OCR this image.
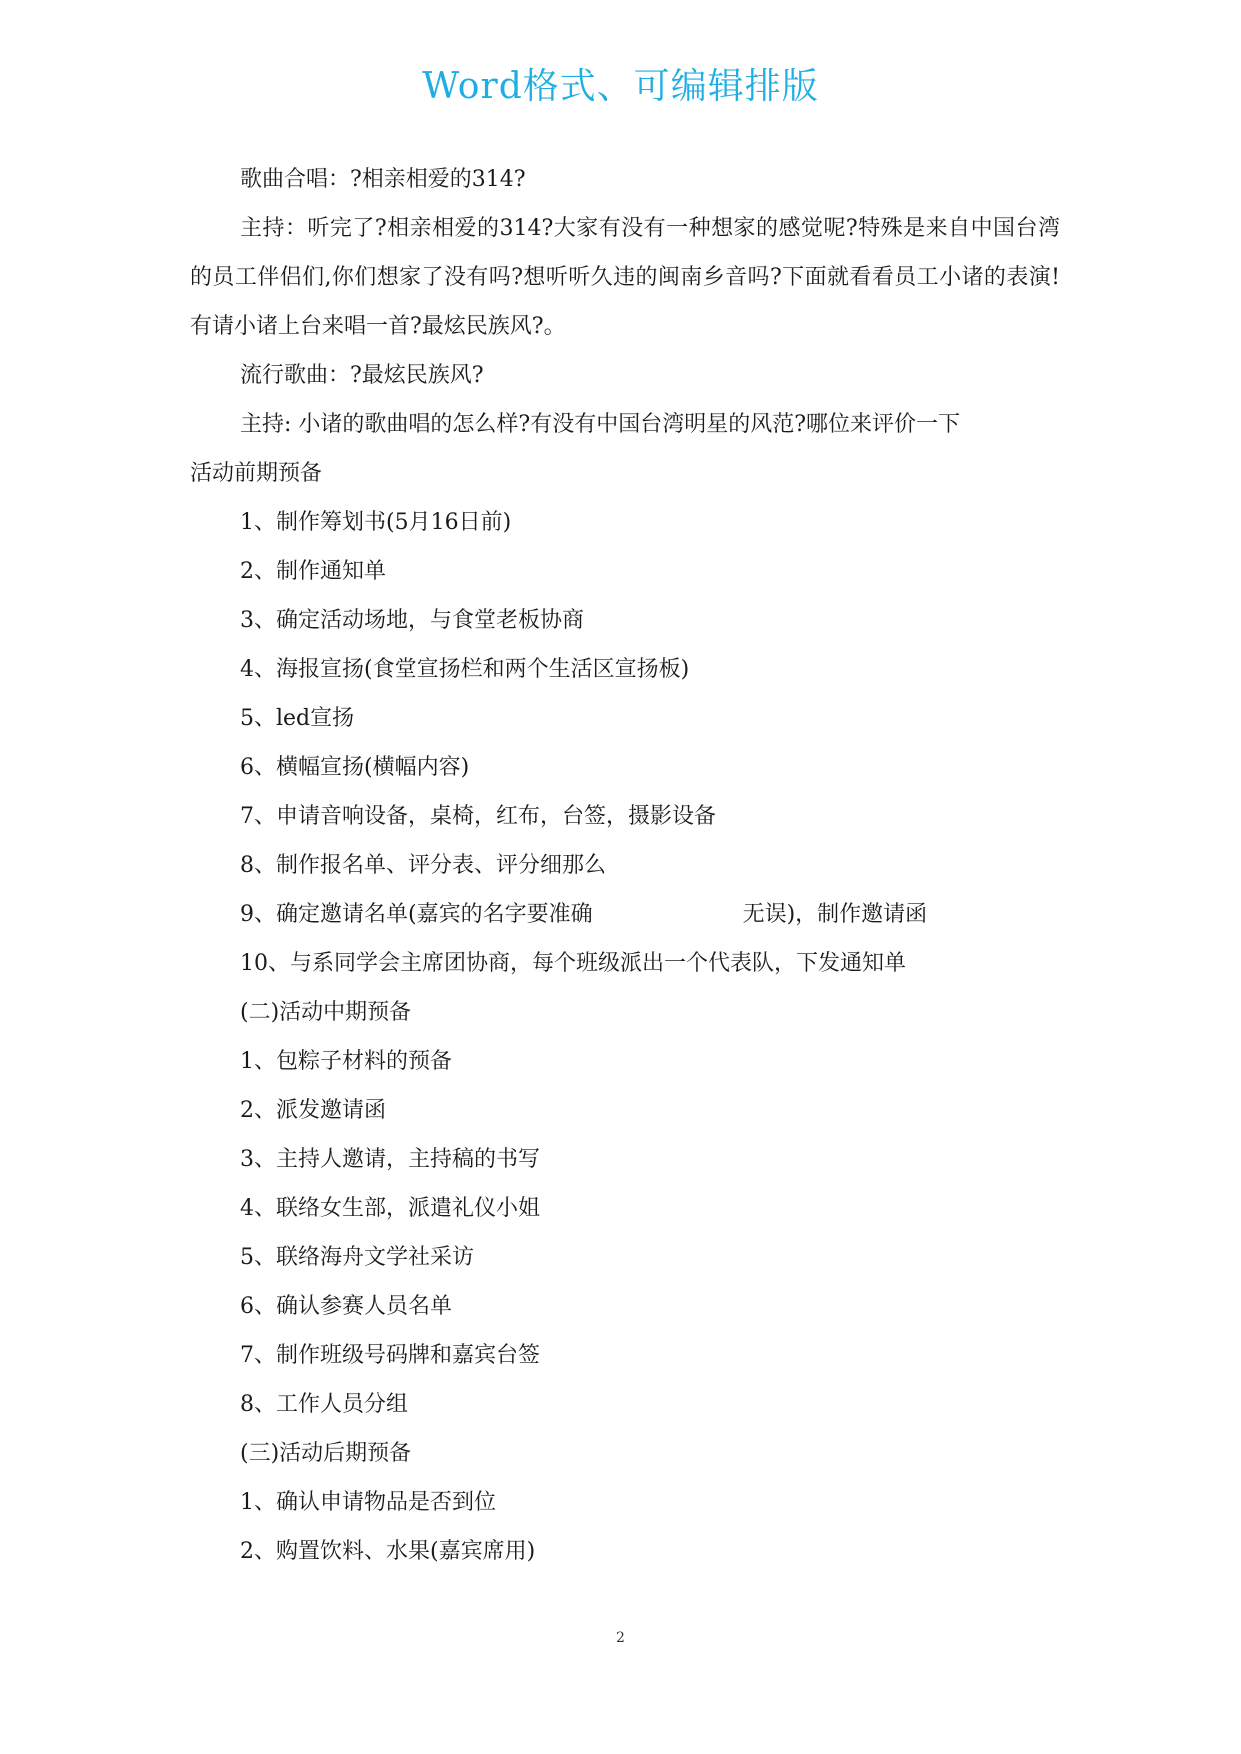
Word格式、可编辑排版

歌曲合唱：?相亲相爱的314?

主持：听完了?相亲相爱的314?大家有没有一种想家的感觉呢?特殊是来自中国台湾的员工伴侣们,你们想家了没有吗?想听听久违的闽南乡音吗?下面就看看员工小诸的表演!有请小诸上台来唱一首?最炫民族风?。

流行歌曲：?最炫民族风?

主持: 小诸的歌曲唱的怎么样?有没有中国台湾明星的风范?哪位来评价一下

活动前期预备

1、制作筹划书(5月16日前)

2、制作通知单

3、确定活动场地，与食堂老板协商

4、海报宣扬(食堂宣扬栏和两个生活区宣扬板)

5、led宣扬

6、横幅宣扬(横幅内容)

7、申请音响设备，桌椅，红布，台签，摄影设备

8、制作报名单、评分表、评分细那么

9、确定邀请名单(嘉宾的名字要准确	无误)，制作邀请函

10、与系同学会主席团协商，每个班级派出一个代表队，下发通知单

(二)活动中期预备

1、包粽子材料的预备

2、派发邀请函

3、主持人邀请，主持稿的书写

4、联络女生部，派遣礼仪小姐

5、联络海舟文学社采访

6、确认参赛人员名单

7、制作班级号码牌和嘉宾台签

8、工作人员分组

(三)活动后期预备

1、确认申请物品是否到位

2、购置饮料、水果(嘉宾席用)

2
